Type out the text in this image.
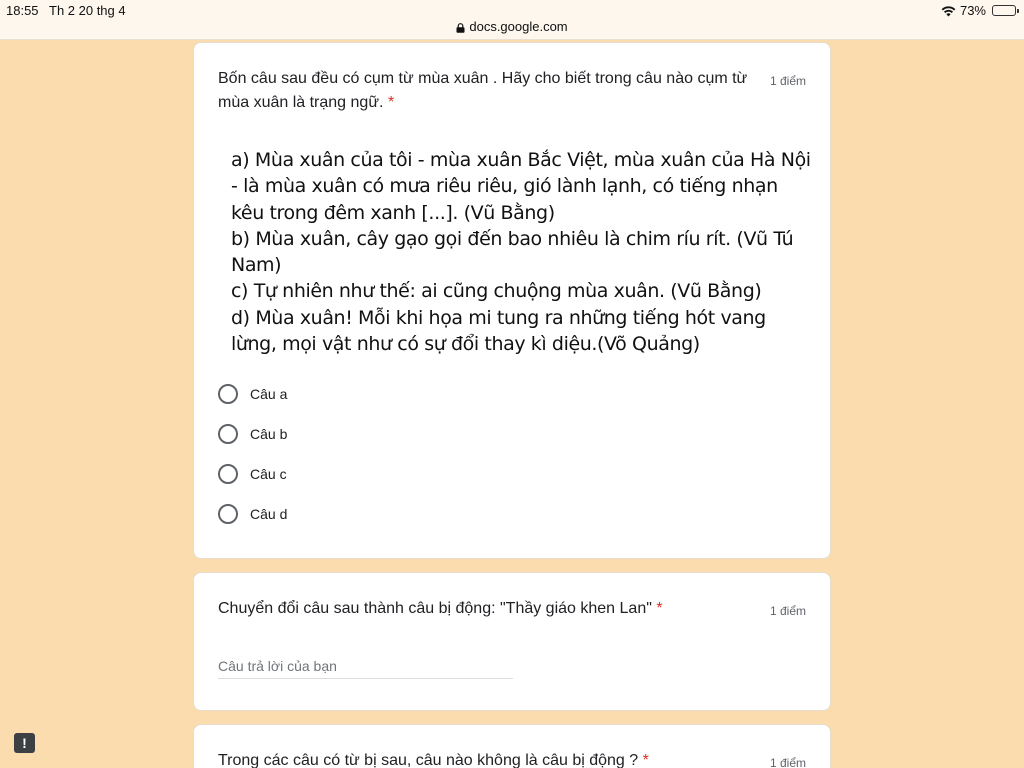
18:55 Th 2 20 thg 4	73%
docs.google.com
Bốn câu sau đều có cụm từ mùa xuân . Hãy cho biết trong câu nào cụm từ mùa xuân là trạng ngữ. *
1 điểm

a) Mùa xuân của tôi - mùa xuân Bắc Việt, mùa xuân của Hà Nội - là mùa xuân có mưa riêu riêu, gió lành lạnh, có tiếng nhạn kêu trong đêm xanh [...]. (Vũ Bằng)

b) Mùa xuân, cây gạo gọi đến bao nhiêu là chim ríu rít. (Vũ Tú Nam)

c) Tự nhiên như thế: ai cũng chuộng mùa xuân. (Vũ Bằng)

d) Mùa xuân! Mỗi khi họa mi tung ra những tiếng hót vang lừng, mọi vật như có sự đổi thay kì diệu.(Võ Quảng)

Câu a
Câu b
Câu c
Câu d
Chuyển đổi câu sau thành câu bị động: "Thầy giáo khen Lan" *	1 điểm
Câu trả lời của bạn
Trong các câu có từ bị sau, câu nào không là câu bị động ? *	1 điểm
!
